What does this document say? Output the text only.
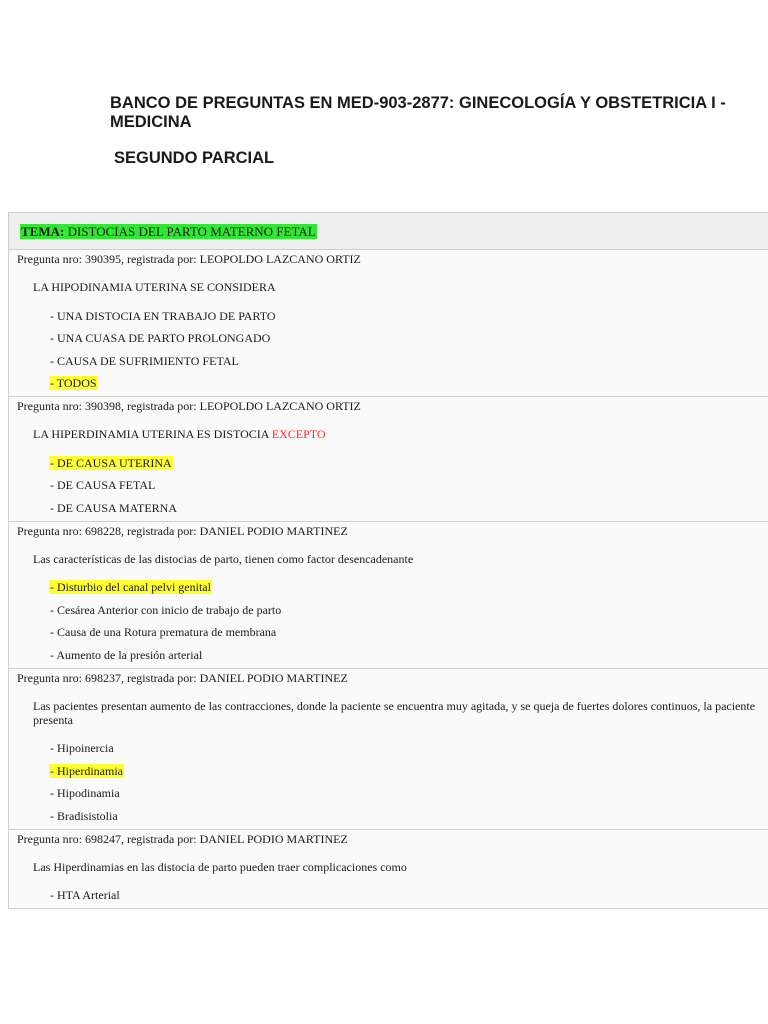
BANCO DE PREGUNTAS EN MED-903-2877: GINECOLOGÍA Y OBSTETRICIA I - MEDICINA

SEGUNDO PARCIAL

TEMA: DISTOCIAS DEL PARTO MATERNO FETAL
Pregunta nro: 390395, registrada por: LEOPOLDO LAZCANO ORTIZ
LA HIPODINAMIA UTERINA SE CONSIDERA
- UNA DISTOCIA EN TRABAJO DE PARTO
- UNA CUASA DE PARTO PROLONGADO
- CAUSA DE SUFRIMIENTO FETAL
- TODOS
Pregunta nro: 390398, registrada por: LEOPOLDO LAZCANO ORTIZ
LA HIPERDINAMIA UTERINA ES DISTOCIA EXCEPTO
- DE CAUSA UTERINA
- DE CAUSA FETAL
- DE CAUSA MATERNA
Pregunta nro: 698228, registrada por: DANIEL PODIO MARTINEZ
Las características de las distocias de parto, tienen como factor desencadenante
- Disturbio del canal pelvi genital
- Cesárea Anterior con inicio de trabajo de parto
- Causa de una Rotura prematura de membrana
- Aumento de la presión arterial
Pregunta nro: 698237, registrada por: DANIEL PODIO MARTINEZ
Las pacientes presentan aumento de las contracciones, donde la paciente se encuentra muy agitada, y se queja de fuertes dolores continuos, la paciente presenta
- Hipoinercia
- Hiperdinamia
- Hipodinamia
- Bradisistolia
Pregunta nro: 698247, registrada por: DANIEL PODIO MARTINEZ
Las Hiperdinamias en las distocia de parto pueden traer complicaciones como
- HTA Arterial
